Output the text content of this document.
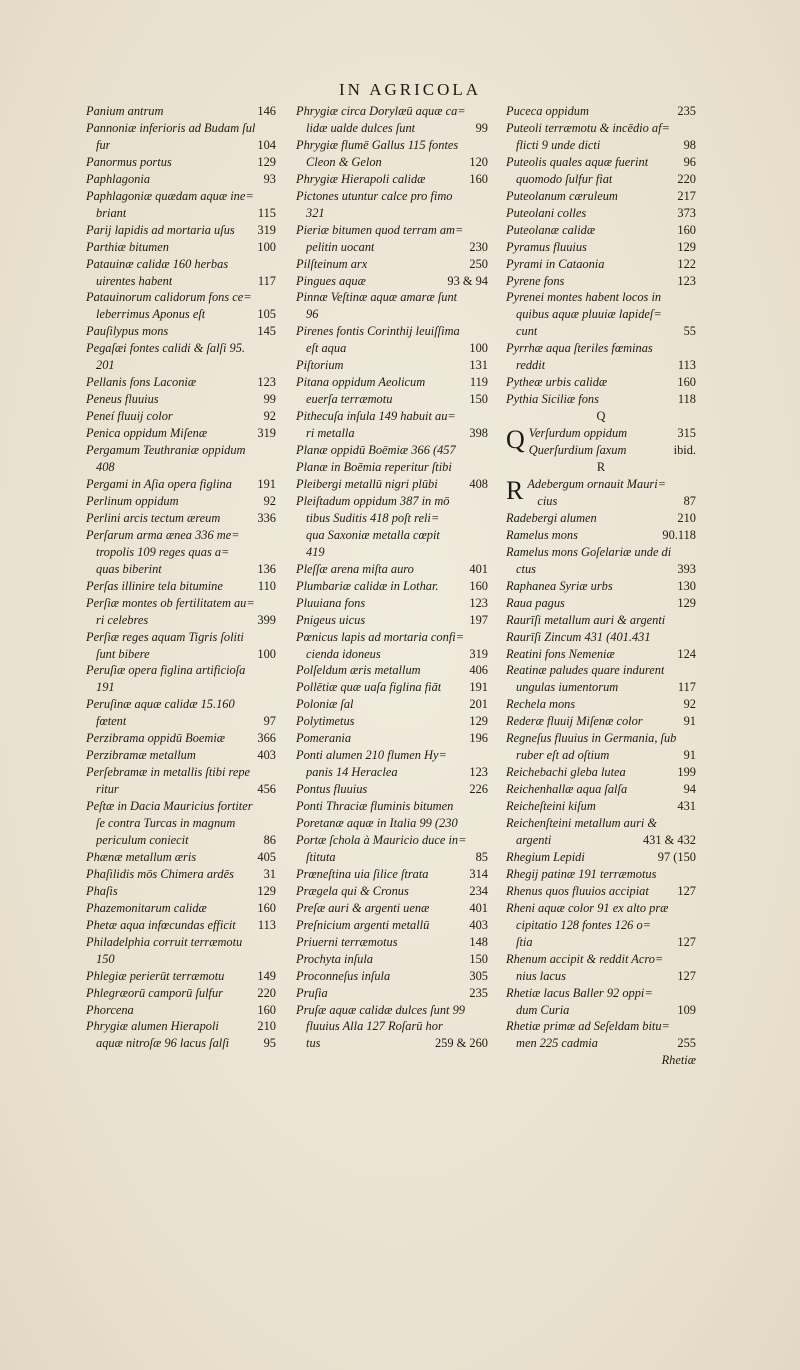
IN AGRICOLA
Panium antrum	146
Pannoniæ inferioris ad Budam ſul
fur	104
Panormus portus	129
Paphlagonia	93
Paphlagoniæ quædam aquæ ine=
briant	115
Parij lapidis ad mortaria uſus	319
Parthiæ bitumen	100
Patauinæ calidæ 160 herbas
uirentes habent	117
Patauinorum calidorum fons ce=
leberrimus Aponus eſt	105
Pauſilypus mons	145
Pegaſæi fontes calidi & ſalſi 95.
201
Pellanis fons Laconiæ	123
Peneus fluuius	99
Peneí fluuij color	92
Penica oppidum Miſenæ	319
Pergamum Teuthraniæ oppidum
408
Pergami in Aſia opera figlina	191
Perlinum oppidum	92
Perlini arcis tectum æreum	336
Perſarum arma ænea 336 me=
tropolis 109 reges quas a=
quas biberint	136
Perſas illinire tela bitumine	110
Perſiæ montes ob fertilitatem au=
ri celebres	399
Perſiæ reges aquam Tigris ſoliti
ſunt bibere	100
Peruſiæ opera figlina artificioſa
191
Peruſinæ aquæ calidæ 15.160
fœtent	97
Perzibrama oppidū Boemiæ	366
Perzibramæ metallum	403
Perſebramæ in metallis ſtibi repe
ritur	456
Peſtæ in Dacia Mauricius fortiter
ſe contra Turcas in magnum
periculum coniecit	86
Phænæ metallum æris	405
Phaſilidis mōs Chimera ardēs	31
Phaſis	129
Phazemonitarum calidæ	160
Phetæ aqua infœcundas efficit	113
Philadelphia corruit terræmotu
150
Phlegiæ perierūt terræmotu	149
Phlegræorū camporū ſulfur	220
Phorcena	160
Phrygiæ alumen Hierapoli	210
aquæ nitroſæ 96 lacus ſalſi	95
Phrygiæ circa Dorylæū aquæ ca=
lidæ ualde dulces ſunt	99
Phrygiæ flumē Gallus 115 fontes
Cleon & Gelon	120
Phrygiæ Hierapoli calidæ	160
Pictones utuntur calce pro fimo
321
Pieriæ bitumen quod terram am=
pelitin uocant	230
Pilſteinum arx	250
Pingues aquæ	93 & 94
Pinnæ Veſtinæ aquæ amaræ ſunt
96
Pirenes fontis Corinthij leuiſſima
eſt aqua	100
Piſtorium	131
Pitana oppidum Aeolicum	119
euerſa terræmotu	150
Pithecuſa inſula 149 habuit au=
ri metalla	398
Planæ oppidū Boēmiæ 366 (457
Planæ in Boēmia reperitur ſtibi
Pleibergi metallū nigri plūbi	408
Pleiſtadum oppidum 387 in mō
tibus Suditis 418 poſt reli=
qua Saxoniæ metalla cœpit
419
Pleſſæ arena miſta auro	401
Plumbariæ calidæ in Lothar.	160
Pluuiana fons	123
Pnigeus uicus	197
Pœnicus lapis ad mortaria confi=
cienda idoneus	319
Polſeldum æris metallum	406
Pollētiæ quæ uaſa figlina fiāt	191
Poloniæ ſal	201
Polytimetus	129
Pomerania	196
Ponti alumen 210 flumen Hy=
panis 14 Heraclea	123
Pontus fluuius	226
Ponti Thraciæ fluminis bitumen
Poretanæ aquæ in Italia 99 (230
Portæ ſchola à Mauricio duce in=
ſtituta	85
Prœneſtina uia ſilice ſtrata	314
Prægela qui & Cronus	234
Preſæ auri & argenti uenæ	401
Preſnicium argenti metallū	403
Priuerni terræmotus	148
Prochyta inſula	150
Proconneſus inſula	305
Pruſia	235
Pruſæ aquæ calidæ dulces ſunt 99
fluuius Alla 127 Roſarū hor
tus	259 & 260
Puceca oppidum	235
Puteoli terræmotu & incēdio af=
flicti 9 unde dicti	98
Puteolis quales aquæ fuerint	96
quomodo ſulfur fiat	220
Puteolanum cæruleum	217
Puteolani colles	373
Puteolanæ calidæ	160
Pyramus fluuius	129
Pyrami in Cataonia	122
Pyrene fons	123
Pyrenei montes habent locos in
quibus aquæ pluuiæ lapideſ=
cunt	55
Pyrrhæ aqua ſteriles fœminas
reddit	113
Pytheæ urbis calidæ	160
Pythia Siciliæ fons	118
Q
Q Verſurdum oppidum	315
Querſurdium ſaxum	ibid.
R
R Adebergum ornauit Mauri=
cius	87
Radebergi alumen	210
Ramelus mons	90.118
Ramelus mons Goſelariæ unde di
ctus	393
Raphanea Syriæ urbs	130
Raua pagus	129
Raurīſi metallum auri & argenti
Raurīſi Zincum 431 (401.431
Reatini fons Nemeniæ	124
Reatinæ paludes quare indurent
ungulas iumentorum	117
Rechela mons	92
Rederæ fluuij Miſenæ color	91
Regneſus fluuius in Germania, ſub
ruber eſt ad oſtium	91
Reichebachi gleba lutea	199
Reichenhallæ aqua ſalſa	94
Reicheſteini kiſum	431
Reichenſteini metallum auri &
argenti	431 & 432
Rhegium Lepidi	97 (150
Rhegij patinæ 191 terræmotus
Rhenus quos fluuios accipiat	127
Rheni aquæ color 91 ex alto præ
cipitatio 128 fontes 126 o=
ſtia	127
Rhenum accipit & reddit Acro=
nius lacus	127
Rhetiæ lacus Baller 92 oppi=
dum Curia	109
Rhetiæ primæ ad Seſeldam bitu=
men 225 cadmia	255
Rhetiæ
